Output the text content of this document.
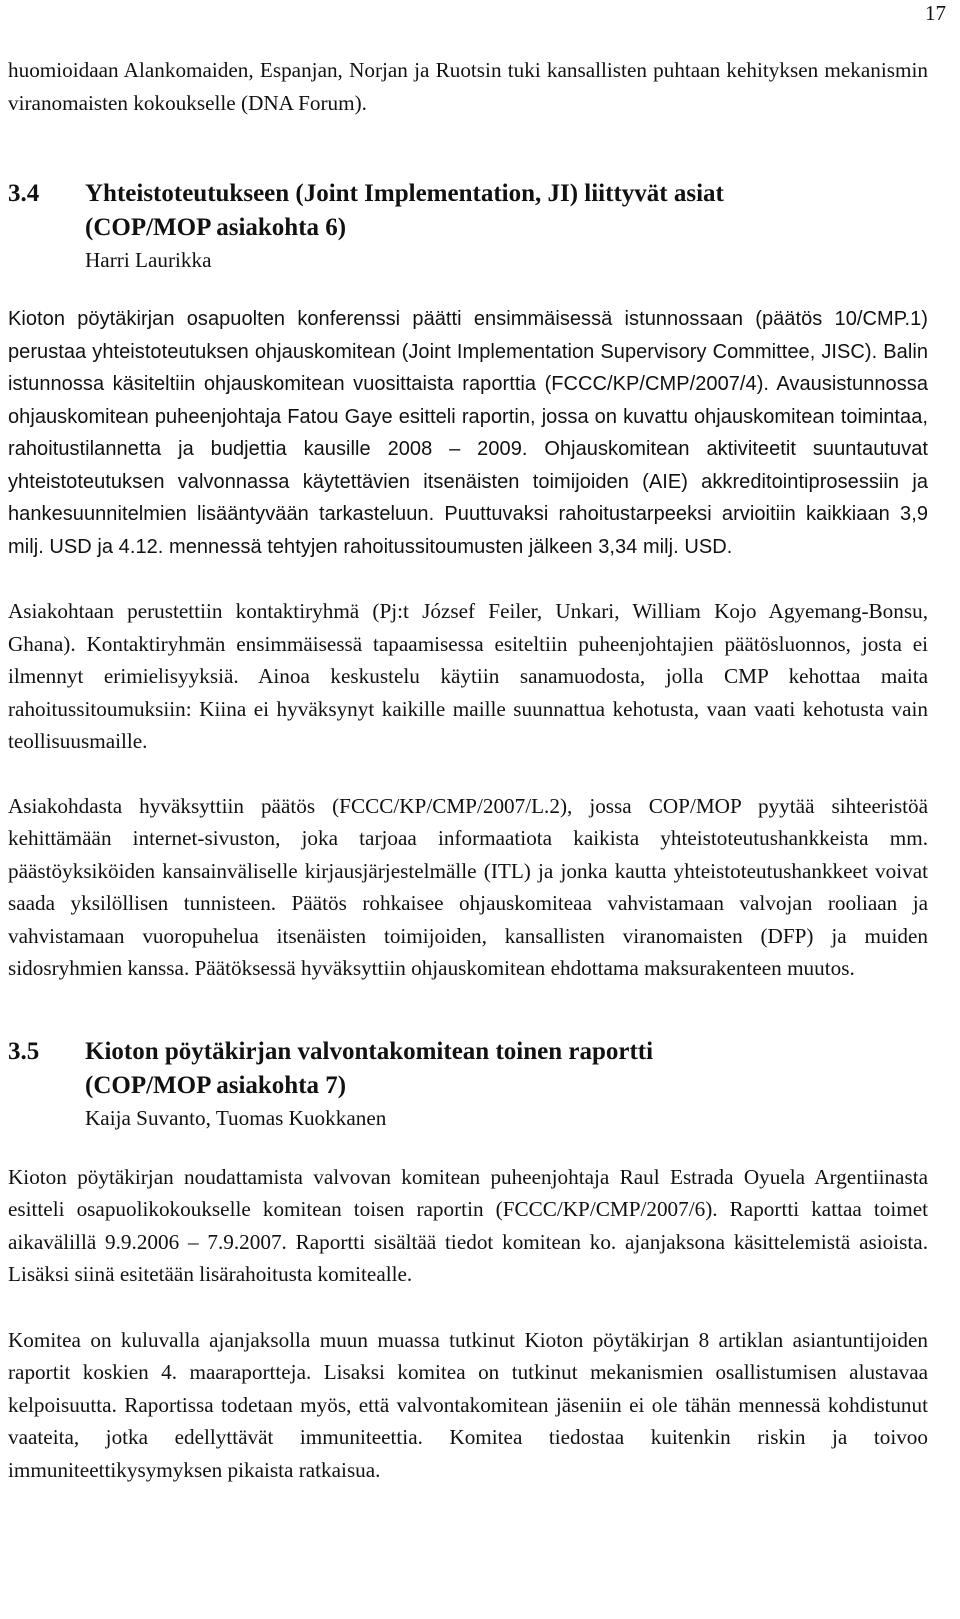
17

huomioidaan Alankomaiden, Espanjan, Norjan ja Ruotsin tuki kansallisten puhtaan kehityksen mekanismin viranomaisten kokoukselle (DNA Forum).

3.4	Yhteistoteutukseen (Joint Implementation, JI) liittyvät asiat
(COP/MOP asiakohta 6)
Harri Laurikka

Kioton pöytäkirjan osapuolten konferenssi päätti ensimmäisessä istunnossaan (päätös 10/CMP.1) perustaa yhteistoteutuksen ohjauskomitean (Joint Implementation Supervisory Committee, JISC). Balin istunnossa käsiteltiin ohjauskomitean vuosittaista raporttia (FCCC/KP/CMP/2007/4). Avausistunnossa ohjauskomitean puheenjohtaja Fatou Gaye esitteli raportin, jossa on kuvattu ohjauskomitean toimintaa, rahoitustilannetta ja budjettia kausille 2008 – 2009. Ohjauskomitean aktiviteetit suuntautuvat yhteistoteutuksen valvonnassa käytettävien itsenäisten toimijoiden (AIE) akkreditointiprosessiin ja hankesuunnitelmien lisääntyvään tarkasteluun. Puuttuvaksi rahoitustarpeeksi arvioitiin kaikkiaan 3,9 milj. USD ja 4.12. mennessä tehtyjen rahoitussitoumusten jälkeen 3,34 milj. USD.

Asiakohtaan perustettiin kontaktiryhmä (Pj:t József Feiler, Unkari, William Kojo Agyemang-Bonsu, Ghana). Kontaktiryhmän ensimmäisessä tapaamisessa esiteltiin puheenjohtajien päätösluonnos, josta ei ilmennyt erimielisyyksiä. Ainoa keskustelu käytiin sanamuodosta, jolla CMP kehottaa maita rahoitussitoumuksiin: Kiina ei hyväksynyt kaikille maille suunnattua kehotusta, vaan vaati kehotusta vain teollisuusmaille.

Asiakohdasta hyväksyttiin päätös (FCCC/KP/CMP/2007/L.2), jossa COP/MOP pyytää sihteeristöä kehittämään internet-sivuston, joka tarjoaa informaatiota kaikista yhteistoteutushankkeista mm. päästöyksiköiden kansainväliselle kirjausjärjestelmälle (ITL) ja jonka kautta yhteistoteutushankkeet voivat saada yksilöllisen tunnisteen. Päätös rohkaisee ohjauskomiteaa vahvistamaan valvojan rooliaan ja vahvistamaan vuoropuhelua itsenäisten toimijoiden, kansallisten viranomaisten (DFP) ja muiden sidosryhmien kanssa. Päätöksessä hyväksyttiin ohjauskomitean ehdottama maksurakenteen muutos.

3.5	Kioton pöytäkirjan valvontakomitean toinen raportti
(COP/MOP asiakohta 7)
Kaija Suvanto, Tuomas Kuokkanen

Kioton pöytäkirjan noudattamista valvovan komitean puheenjohtaja Raul Estrada Oyuela Argentiinasta esitteli osapuolikokoukselle komitean toisen raportin (FCCC/KP/CMP/2007/6). Raportti kattaa toimet aikavälillä 9.9.2006 – 7.9.2007. Raportti sisältää tiedot komitean ko. ajanjaksona käsittelemistä asioista. Lisäksi siinä esitetään lisärahoitusta komitealle.

Komitea on kuluvalla ajanjaksolla muun muassa tutkinut Kioton pöytäkirjan 8 artiklan asiantuntijoiden raportit koskien 4. maaraportteja. Lisaksi komitea on tutkinut mekanismien osallistumisen alustavaa kelpoisuutta. Raportissa todetaan myös, että valvontakomitean jäseniin ei ole tähän mennessä kohdistunut vaateita, jotka edellyttävät immuniteettia. Komitea tiedostaa kuitenkin riskin ja toivoo immuniteettikysymyksen pikaista ratkaisua.
